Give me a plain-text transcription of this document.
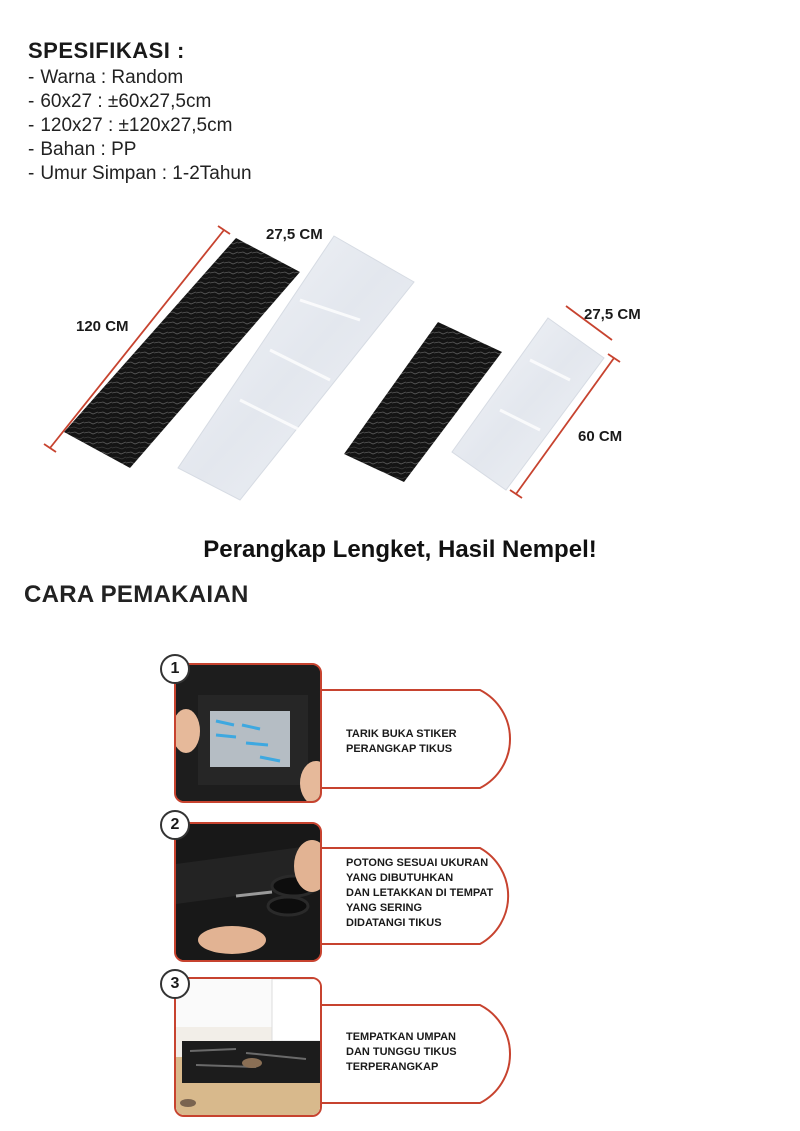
SPESIFIKASI :
- Warna : Random
- 60x27 : ±60x27,5cm
- 120x27 : ±120x27,5cm
- Bahan : PP
- Umur Simpan : 1-2Tahun
27,5 CM
120 CM
27,5 CM
60 CM
Perangkap Lengket, Hasil Nempel!
CARA PEMAKAIAN
1
TARIK BUKA STIKER
PERANGKAP TIKUS
2
POTONG SESUAI UKURAN
YANG DIBUTUHKAN
DAN LETAKKAN DI TEMPAT
YANG SERING
DIDATANGI TIKUS
3
TEMPATKAN UMPAN
DAN TUNGGU TIKUS
TERPERANGKAP
